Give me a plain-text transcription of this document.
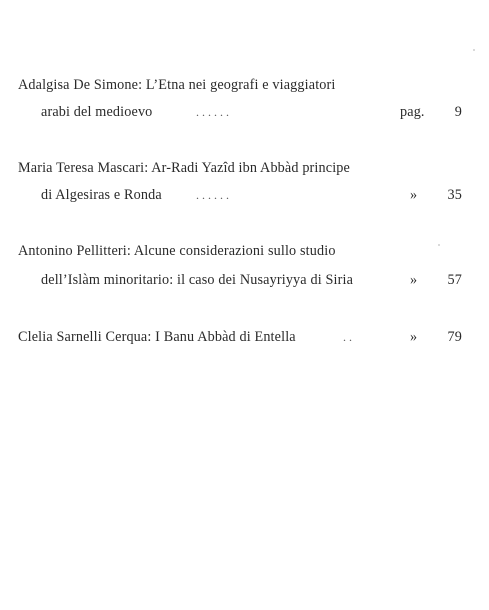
Adalgisa De Simone: L’Etna nei geografi e viaggiatori
arabi del medioevo	. . . . . .	pag. 9
Maria Teresa Mascari: Ar-Radi Yazîd ibn Abbàd principe
di Algesiras e Ronda	. . . . . .	» 35
Antonino Pellitteri: Alcune considerazioni sullo studio
dell’Islàm minoritario: il caso dei Nusayriyya di Siria	» 57
Clelia Sarnelli Cerqua: I Banu Abbàd di Entella	. .	» 79
